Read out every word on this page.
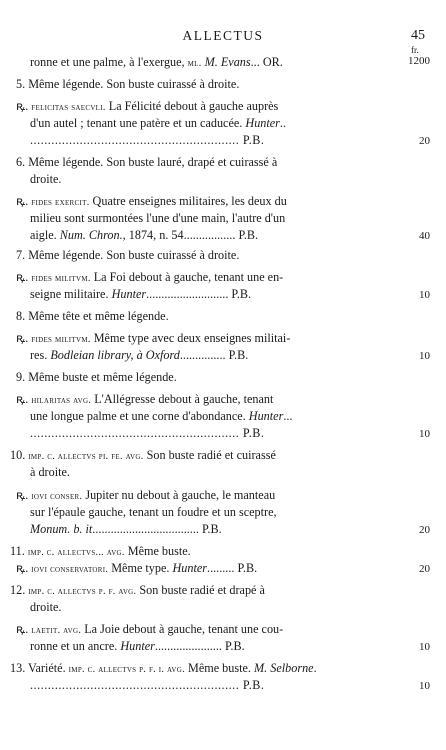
ALLECTUS	45
fr.
ronne et une palme, à l'exergue, ml. M. Evans... OR.	1200
5. Même légende. Son buste cuirassé à droite.
ꝶ. felicitas saecvli. La Félicité debout à gauche auprès
d'un autel ; tenant une patère et un caducée. Hunter..
........................................................... P.B.	20
6. Même légende. Son buste lauré, drapé et cuirassé à
droite.
ꝶ. fides exercit. Quatre enseignes militaires, les deux du
milieu sont surmontées l'une d'une main, l'autre d'un
aigle. Num. Chron., 1874, n. 54................. P.B.	40
7. Même légende. Son buste cuirassé à droite.
ꝶ. fides militvm. La Foi debout à gauche, tenant une en-
seigne militaire. Hunter........................... P.B.	10
8. Même tête et même légende.
ꝶ. fides militvm. Même type avec deux enseignes militai-
res. Bodleian library, à Oxford............... P.B.	10
9. Même buste et même légende.
ꝶ. hilaritas avg. L'Allégresse debout à gauche, tenant
une longue palme et une corne d'abondance. Hunter...
........................................................... P.B.	10
10. imp. c. allectvs pi. fe. avg. Son buste radié et cuirassé
à droite.
ꝶ. iovi conser. Jupiter nu debout à gauche, le manteau
sur l'épaule gauche, tenant un foudre et un sceptre,
Monum. b. it................................... P.B.	20
11. imp. c. allectvs... avg. Même buste.
ꝶ. iovi conservatori. Même type. Hunter......... P.B.	20
12. imp. c. allectvs p. f. avg. Son buste radié et drapé à
droite.
ꝶ. laetit. avg. La Joie debout à gauche, tenant une cou-
ronne et un ancre. Hunter...................... P.B.	10
13. Variété. imp. c. allectvs p. f. i. avg. Même buste. M. Selborne.
........................................................... P.B.	10
